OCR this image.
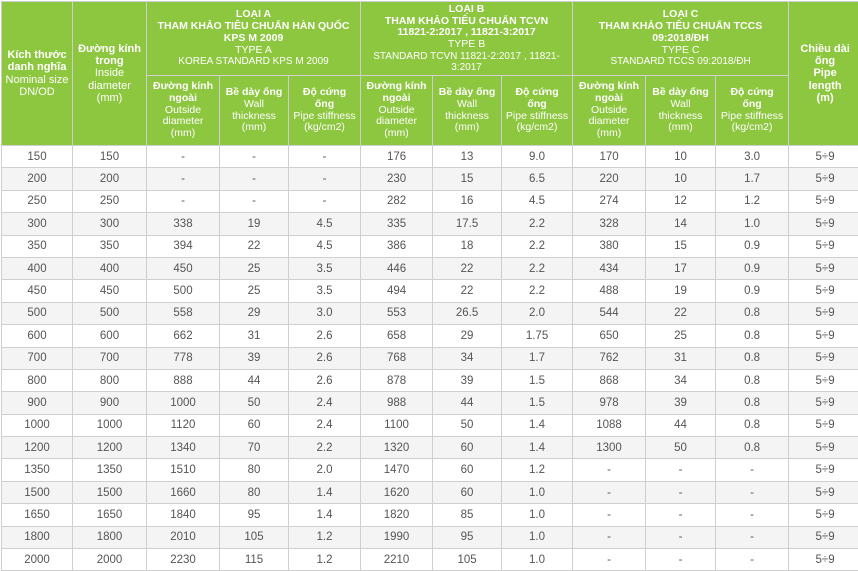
Kích thước
danh nghĩa
Nominal size
DN/OD	Đường kính
trong
Inside
diameter
(mm)	LOẠI A
THAM KHẢO TIÊU CHUẨN HÀN QUỐC
KPS M 2009
TYPE A
KOREA STANDARD KPS M 2009			LOẠI B
THAM KHẢO TIÊU CHUẨN TCVN
11821-2:2017 , 11821-3:2017
TYPE B
STANDARD TCVN 11821-2:2017 , 11821-3:2017			LOẠI C
THAM KHẢO TIÊU CHUẨN TCCS
09:2018/ĐH
TYPE C
STANDARD TCCS 09:2018/ĐH			Chiều dài
ống
Pipe
length
(m)

		Đường kính
ngoài
Outside
diameter
(mm)	Bề dày ống
Wall
thickness
(mm)	Độ cứng
ống
Pipe stiffness
(kg/cm2)	Đường kính
ngoài
Outside
diameter
(mm)	Bề dày ống
Wall
thickness
(mm)	Độ cứng
ống
Pipe stiffness
(kg/cm2)	Đường kính
ngoài
Outside
diameter
(mm)	Bề dày ống
Wall
thickness
(mm)	Độ cứng
ống
Pipe stiffness
(kg/cm2)	

150	150	-	-	-	176	13	9.0	170	10	3.0	5÷9
200	200	-	-	-	230	15	6.5	220	10	1.7	5÷9
250	250	-	-	-	282	16	4.5	274	12	1.2	5÷9
300	300	338	19	4.5	335	17.5	2.2	328	14	1.0	5÷9
350	350	394	22	4.5	386	18	2.2	380	15	0.9	5÷9
400	400	450	25	3.5	446	22	2.2	434	17	0.9	5÷9
450	450	500	25	3.5	494	22	2.2	488	19	0.9	5÷9
500	500	558	29	3.0	553	26.5	2.0	544	22	0.8	5÷9
600	600	662	31	2.6	658	29	1.75	650	25	0.8	5÷9
700	700	778	39	2.6	768	34	1.7	762	31	0.8	5÷9
800	800	888	44	2.6	878	39	1.5	868	34	0.8	5÷9
900	900	1000	50	2.4	988	44	1.5	978	39	0.8	5÷9
1000	1000	1120	60	2.4	1100	50	1.4	1088	44	0.8	5÷9
1200	1200	1340	70	2.2	1320	60	1.4	1300	50	0.8	5÷9
1350	1350	1510	80	2.0	1470	60	1.2	-	-	-	5÷9
1500	1500	1660	80	1.4	1620	60	1.0	-	-	-	5÷9
1650	1650	1840	95	1.4	1820	85	1.0	-	-	-	5÷9
1800	1800	2010	105	1.2	1990	95	1.0	-	-	-	5÷9
2000	2000	2230	115	1.2	2210	105	1.0	-	-	-	5÷9
